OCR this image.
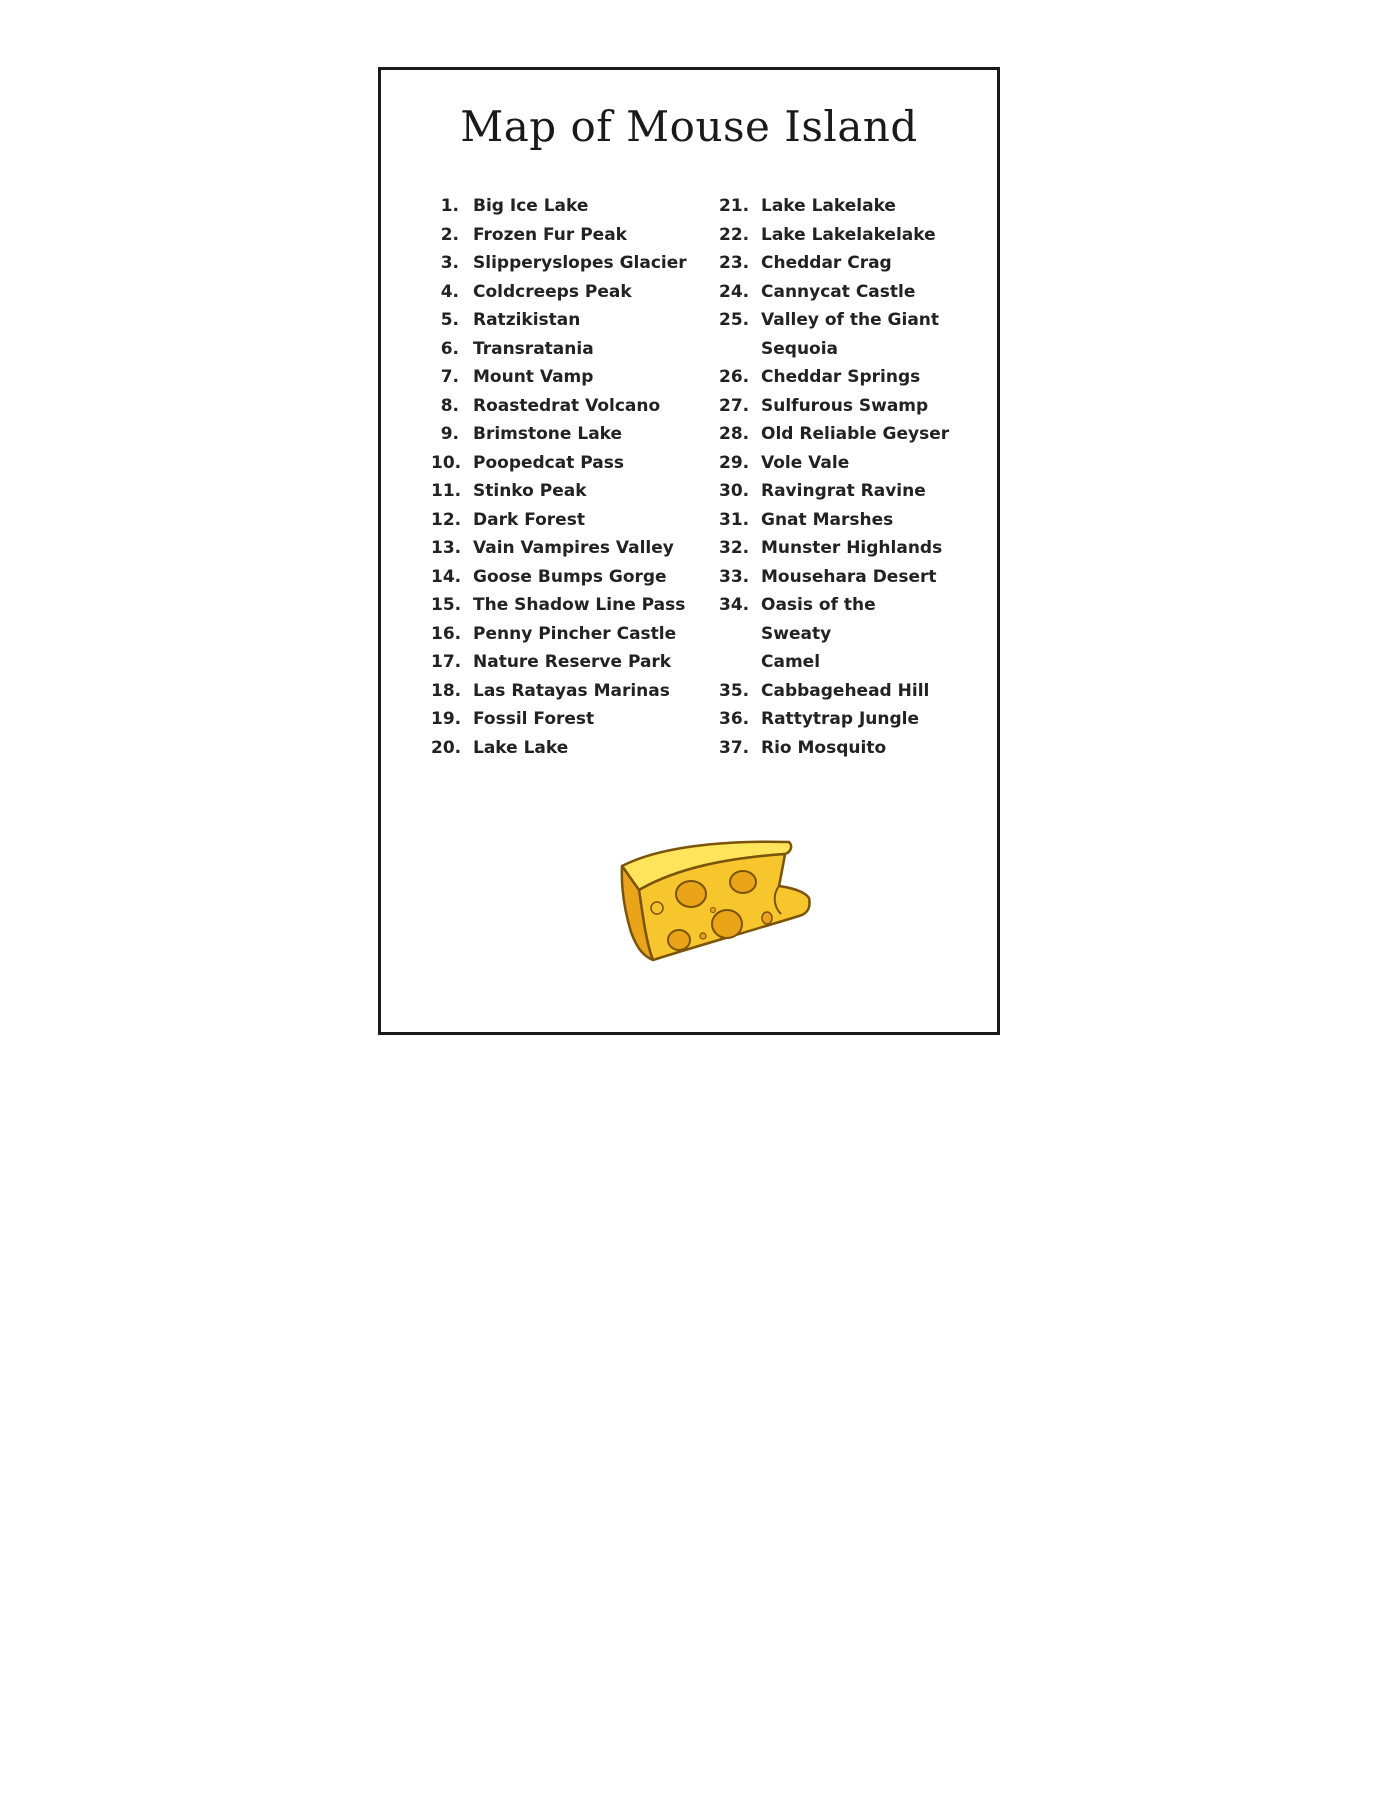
Map of Mouse Island
1. Big Ice Lake
2. Frozen Fur Peak
3. Slipperyslopes Glacier
4. Coldcreeps Peak
5. Ratzikistan
6. Transratania
7. Mount Vamp
8. Roastedrat Volcano
9. Brimstone Lake
10. Poopedcat Pass
11. Stinko Peak
12. Dark Forest
13. Vain Vampires Valley
14. Goose Bumps Gorge
15. The Shadow Line Pass
16. Penny Pincher Castle
17. Nature Reserve Park
18. Las Ratayas Marinas
19. Fossil Forest
20. Lake Lake
21. Lake Lakelake
22. Lake Lakelakelake
23. Cheddar Crag
24. Cannycat Castle
25. Valley of the Giant Sequoia
26. Cheddar Springs
27. Sulfurous Swamp
28. Old Reliable Geyser
29. Vole Vale
30. Ravingrat Ravine
31. Gnat Marshes
32. Munster Highlands
33. Mousehara Desert
34. Oasis of the Sweaty Camel
35. Cabbagehead Hill
36. Rattytrap Jungle
37. Rio Mosquito
